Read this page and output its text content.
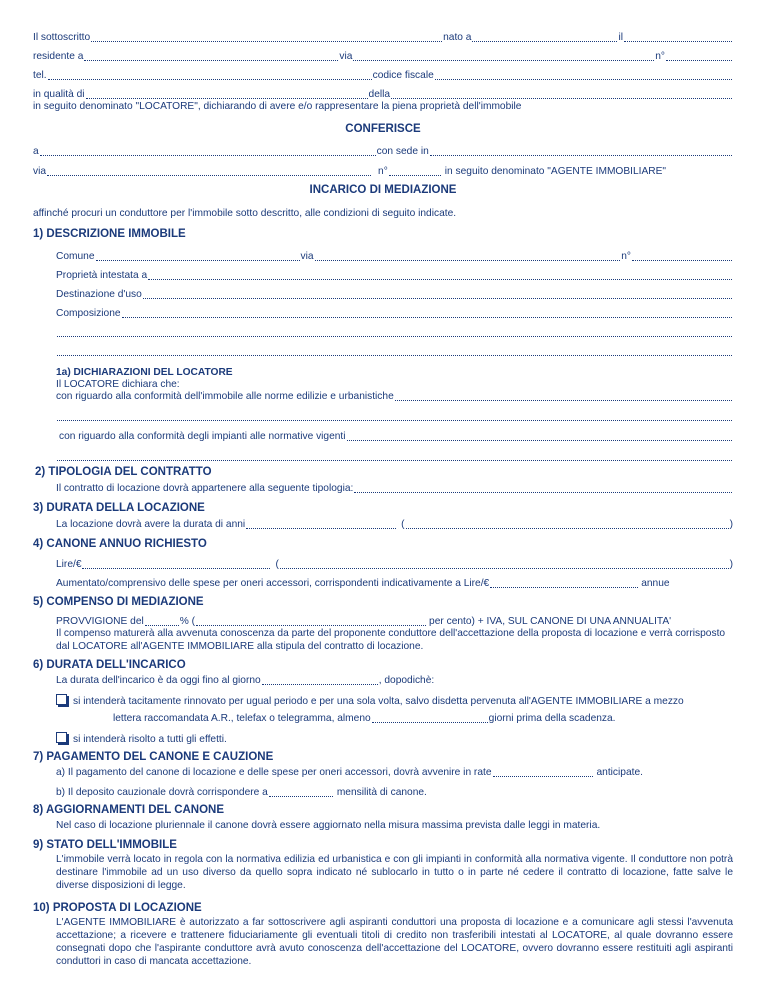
Il sottoscritto	nato a	il
residente a	via	n°
tel.	codice fiscale
in qualità di	della
in seguito denominato "LOCATORE", dichiarando di avere e/o rappresentare la piena proprietà dell'immobile
CONFERISCE
a	con sede in
via	n°	in seguito denominato "AGENTE IMMOBILIARE"
INCARICO DI MEDIAZIONE
affinché procuri un conduttore per l'immobile sotto descritto, alle condizioni di seguito indicate.
1) DESCRIZIONE IMMOBILE
Comune	via	n°
Proprietà intestata a
Destinazione d'uso
Composizione
1a) DICHIARAZIONI DEL LOCATORE
Il LOCATORE dichiara che:
con riguardo alla conformità dell'immobile alle norme edilizie e urbanistiche
con riguardo alla conformità degli impianti alle normative vigenti
2) TIPOLOGIA DEL CONTRATTO
Il contratto di locazione dovrà appartenere alla seguente tipologia:
3) DURATA DELLA LOCAZIONE
La locazione dovrà avere la durata di anni	(	)
4) CANONE ANNUO RICHIESTO
Lire/€	(	)
Aumentato/comprensivo delle spese per oneri accessori, corrispondenti indicativamente a Lire/€	annue
5) COMPENSO DI MEDIAZIONE
PROVVIGIONE del	% (	per cento) + IVA, SUL CANONE DI UNA ANNUALITA'
Il compenso maturerà alla avvenuta conoscenza da parte del proponente conduttore dell'accettazione della proposta di locazione e verrà corrisposto dal LOCATORE all'AGENTE IMMOBILIARE alla stipula del contratto di locazione.
6) DURATA DELL'INCARICO
La durata dell'incarico è da oggi fino al giorno	, dopodichè:
si intenderà tacitamente rinnovato per ugual periodo e per una sola volta, salvo disdetta pervenuta all'AGENTE IMMOBILIARE a mezzo
lettera raccomandata A.R., telefax o telegramma, almeno	giorni prima della scadenza.
si intenderà risolto a tutti gli effetti.
7) PAGAMENTO DEL CANONE E CAUZIONE
a) Il pagamento del canone di locazione e delle spese per oneri accessori, dovrà avvenire in rate	anticipate.
b) Il deposito cauzionale dovrà corrispondere a	mensilità di canone.
8) AGGIORNAMENTI DEL CANONE
Nel caso di locazione pluriennale il canone dovrà essere aggiornato nella misura massima prevista dalle leggi in materia.
9) STATO DELL'IMMOBILE
L'immobile verrà locato in regola con la normativa edilizia ed urbanistica e con gli impianti in conformità alla normativa vigente. Il conduttore non potrà destinare l'immobile ad un uso diverso da quello sopra indicato né sublocarlo in tutto o in parte né cedere il contratto di locazione, fatte salve le diverse disposizioni di legge.
10) PROPOSTA DI LOCAZIONE
L'AGENTE IMMOBILIARE è autorizzato a far sottoscrivere agli aspiranti conduttori una proposta di locazione e a comunicare agli stessi l'avvenuta accettazione; a ricevere e trattenere fiduciariamente gli eventuali titoli di credito non trasferibili intestati al LOCATORE, al quale dovranno essere consegnati dopo che l'aspirante conduttore avrà avuto conoscenza dell'accettazione del LOCATORE, ovvero dovranno essere restituiti agli aspiranti conduttori in caso di mancata accettazione.
